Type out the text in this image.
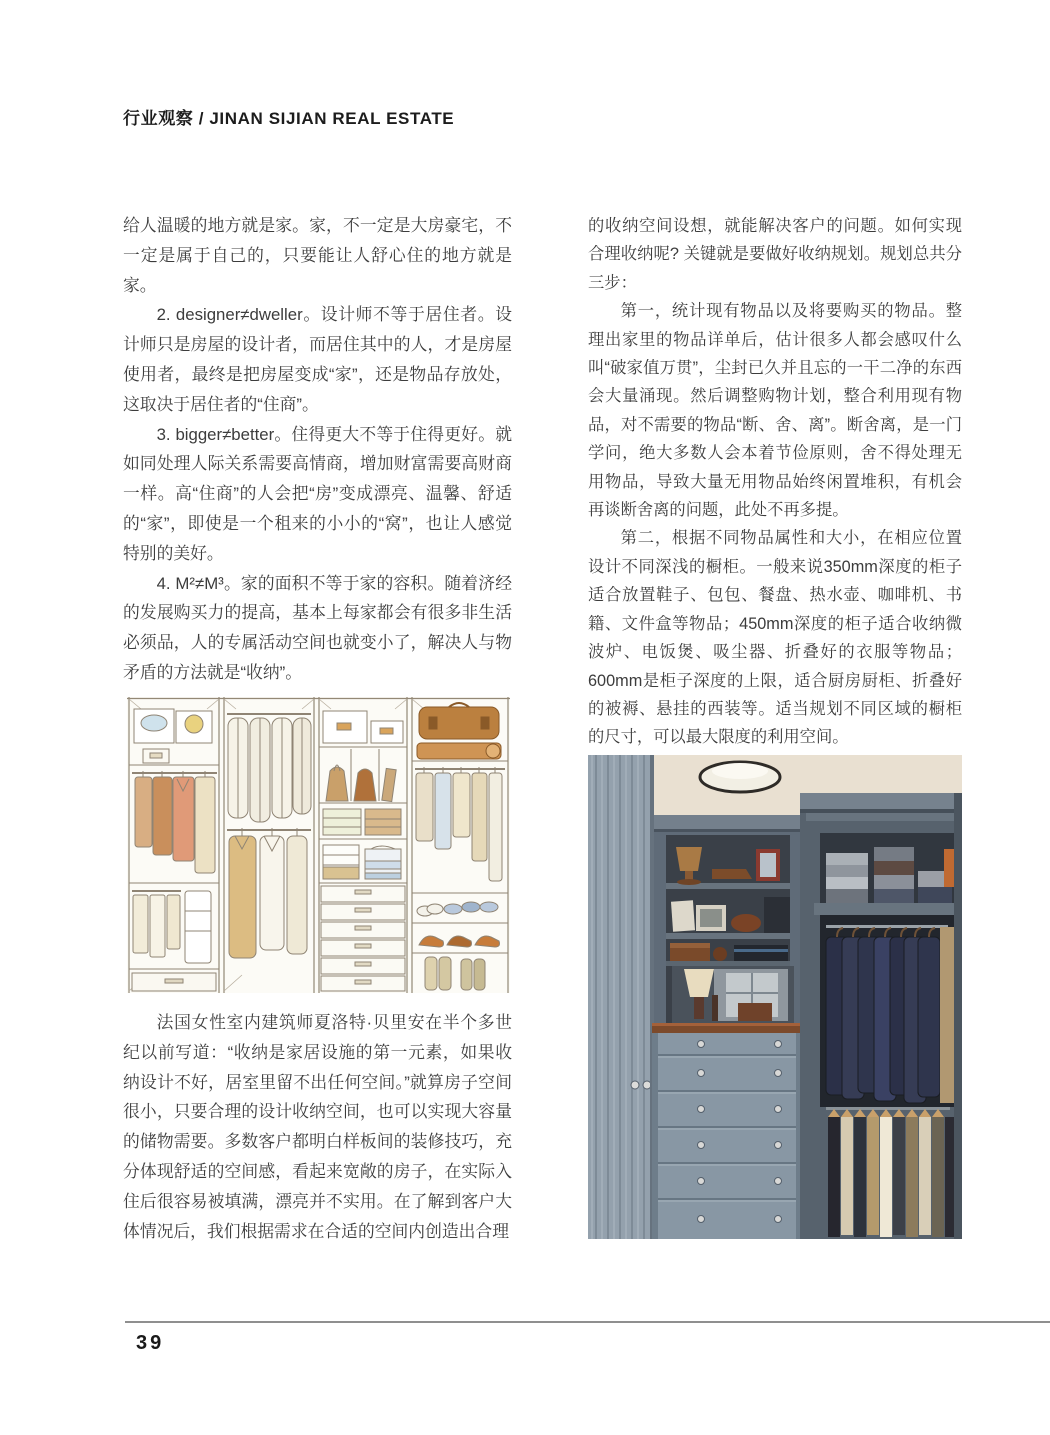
行业观察 / JINAN SIJIAN REAL ESTATE

给人温暖的地方就是家。家，不一定是大房豪宅，不一定是属于自己的，只要能让人舒心住的地方就是家。

2. designer≠dweller。设计师不等于居住者。设计师只是房屋的设计者，而居住其中的人，才是房屋使用者，最终是把房屋变成“家”，还是物品存放处，这取决于居住者的“住商”。

3. bigger≠better。住得更大不等于住得更好。就如同处理人际关系需要高情商，增加财富需要高财商一样。高“住商”的人会把“房”变成漂亮、温馨、舒适的“家”，即使是一个租来的小小的“窝”，也让人感觉特别的美好。

4. M²≠M³。家的面积不等于家的容积。随着济经的发展购买力的提高，基本上每家都会有很多非生活必须品，人的专属活动空间也就变小了，解决人与物矛盾的方法就是“收纳”。

法国女性室内建筑师夏洛特·贝里安在半个多世纪以前写道：“收纳是家居设施的第一元素，如果收纳设计不好，居室里留不出任何空间。”就算房子空间很小，只要合理的设计收纳空间，也可以实现大容量的储物需要。多数客户都明白样板间的装修技巧，充分体现舒适的空间感，看起来宽敞的房子，在实际入住后很容易被填满，漂亮并不实用。在了解到客户大体情况后，我们根据需求在合适的空间内创造出合理

的收纳空间设想，就能解决客户的问题。如何实现合理收纳呢? 关键就是要做好收纳规划。规划总共分三步：

第一，统计现有物品以及将要购买的物品。整理出家里的物品详单后，估计很多人都会感叹什么叫“破家值万贯”，尘封已久并且忘的一干二净的东西会大量涌现。然后调整购物计划，整合利用现有物品，对不需要的物品“断、舍、离”。断舍离，是一门学问，绝大多数人会本着节俭原则，舍不得处理无用物品，导致大量无用物品始终闲置堆积，有机会再谈断舍离的问题，此处不再多提。

第二，根据不同物品属性和大小，在相应位置设计不同深浅的橱柜。一般来说350mm深度的柜子适合放置鞋子、包包、餐盘、热水壶、咖啡机、书籍、文件盒等物品；450mm深度的柜子适合收纳微波炉、电饭煲、吸尘器、折叠好的衣服等物品；600mm是柜子深度的上限，适合厨房厨柜、折叠好的被褥、悬挂的西装等。适当规划不同区域的橱柜的尺寸，可以最大限度的利用空间。

39
